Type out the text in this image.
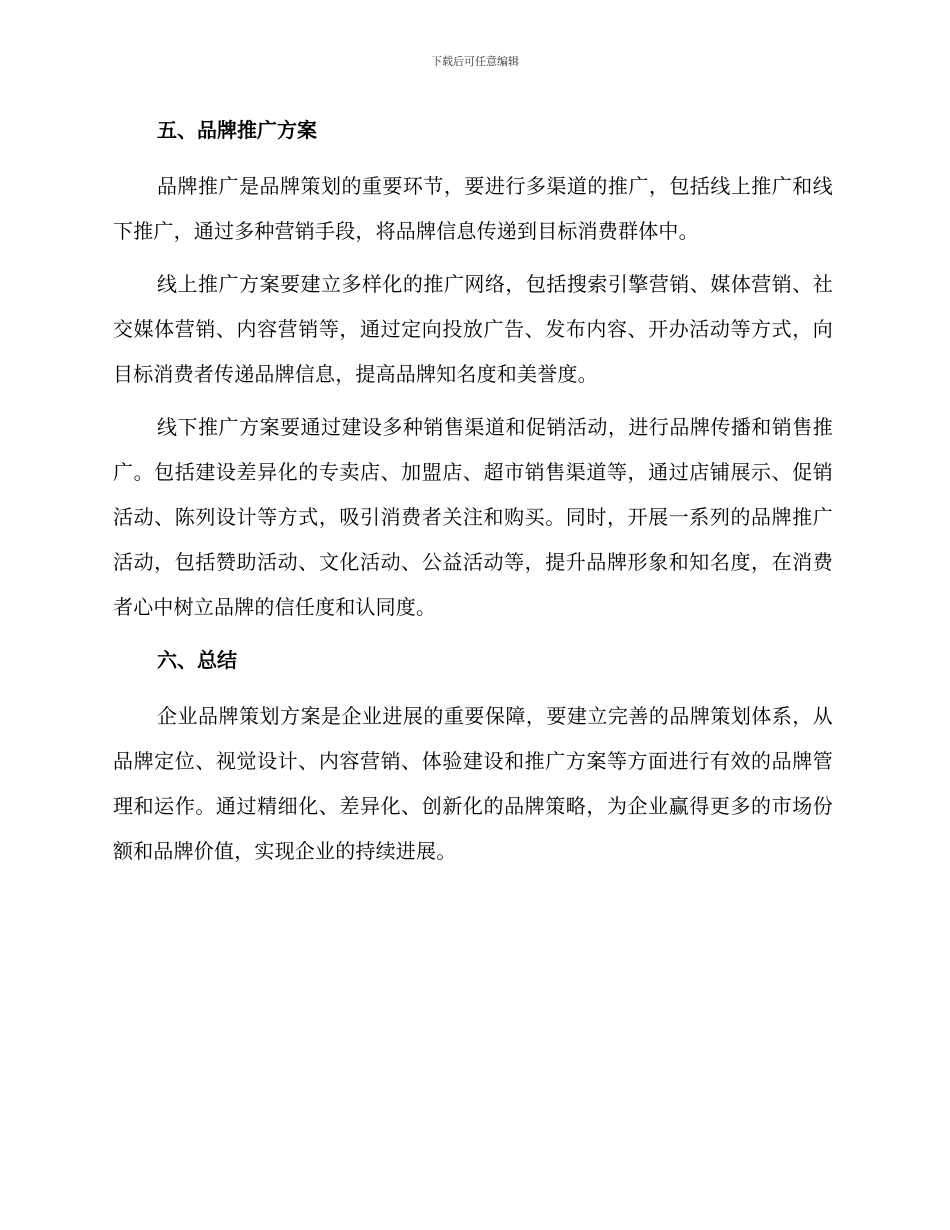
下载后可任意编辑
五、品牌推广方案

品牌推广是品牌策划的重要环节，要进行多渠道的推广，包括线上推广和线下推广，通过多种营销手段，将品牌信息传递到目标消费群体中。

线上推广方案要建立多样化的推广网络，包括搜索引擎营销、媒体营销、社交媒体营销、内容营销等，通过定向投放广告、发布内容、开办活动等方式，向目标消费者传递品牌信息，提高品牌知名度和美誉度。

线下推广方案要通过建设多种销售渠道和促销活动，进行品牌传播和销售推广。包括建设差异化的专卖店、加盟店、超市销售渠道等，通过店铺展示、促销活动、陈列设计等方式，吸引消费者关注和购买。同时，开展一系列的品牌推广活动，包括赞助活动、文化活动、公益活动等，提升品牌形象和知名度，在消费者心中树立品牌的信任度和认同度。

六、总结

企业品牌策划方案是企业进展的重要保障，要建立完善的品牌策划体系，从品牌定位、视觉设计、内容营销、体验建设和推广方案等方面进行有效的品牌管理和运作。通过精细化、差异化、创新化的品牌策略，为企业赢得更多的市场份额和品牌价值，实现企业的持续进展。
